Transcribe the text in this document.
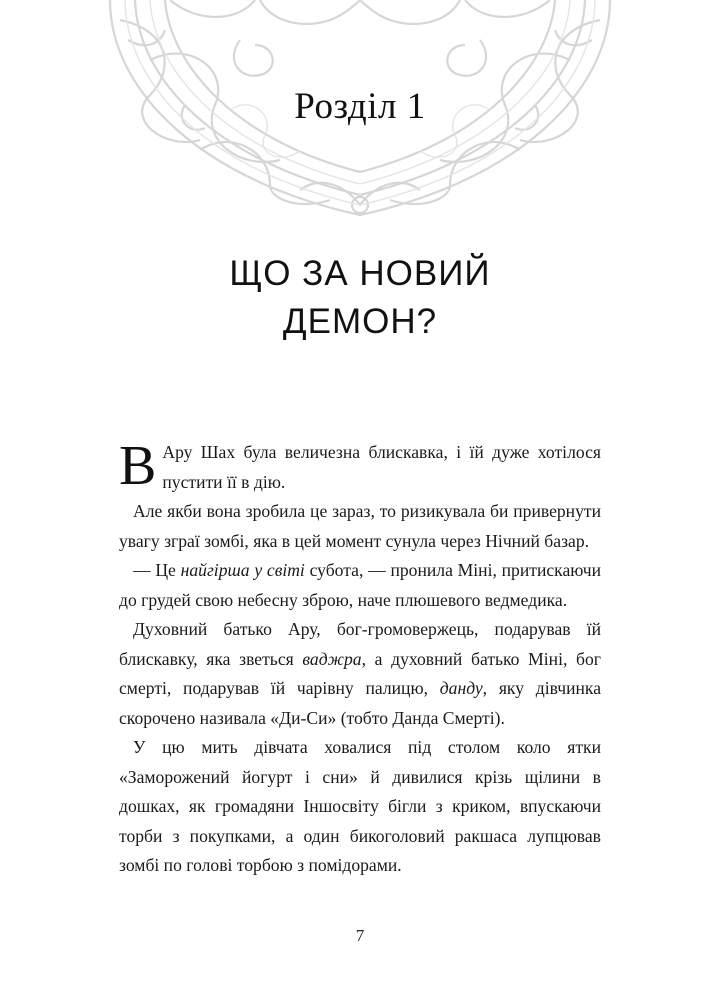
Розділ 1
ЩО ЗА НОВИЙ
ДЕМОН?

В Ару Шах була величезна блискавка, і їй дуже хотілося пустити її в дію.

Але якби вона зробила це зараз, то ризикувала би привернути увагу зграї зомбі, яка в цей момент сунула через Нічний базар.

— Це найгірша у світі субота, — пронила Міні, притискаючи до грудей свою небесну зброю, наче плюшевого ведмедика.

Духовний батько Ару, бог-громовержець, подарував їй блискавку, яка зветься ваджра, а духовний батько Міні, бог смерті, подарував їй чарівну палицю, данду, яку дівчинка скорочено називала «Ди-Си» (тобто Данда Смерті).

У цю мить дівчата ховалися під столом коло ятки «Заморожений йогурт і сни» й дивилися крізь щілини в дошках, як громадяни Іншосвіту бігли з криком, впускаючи торби з покупками, а один бикоголовий ракшаса лупцював зомбі по голові торбою з помідорами.

7
